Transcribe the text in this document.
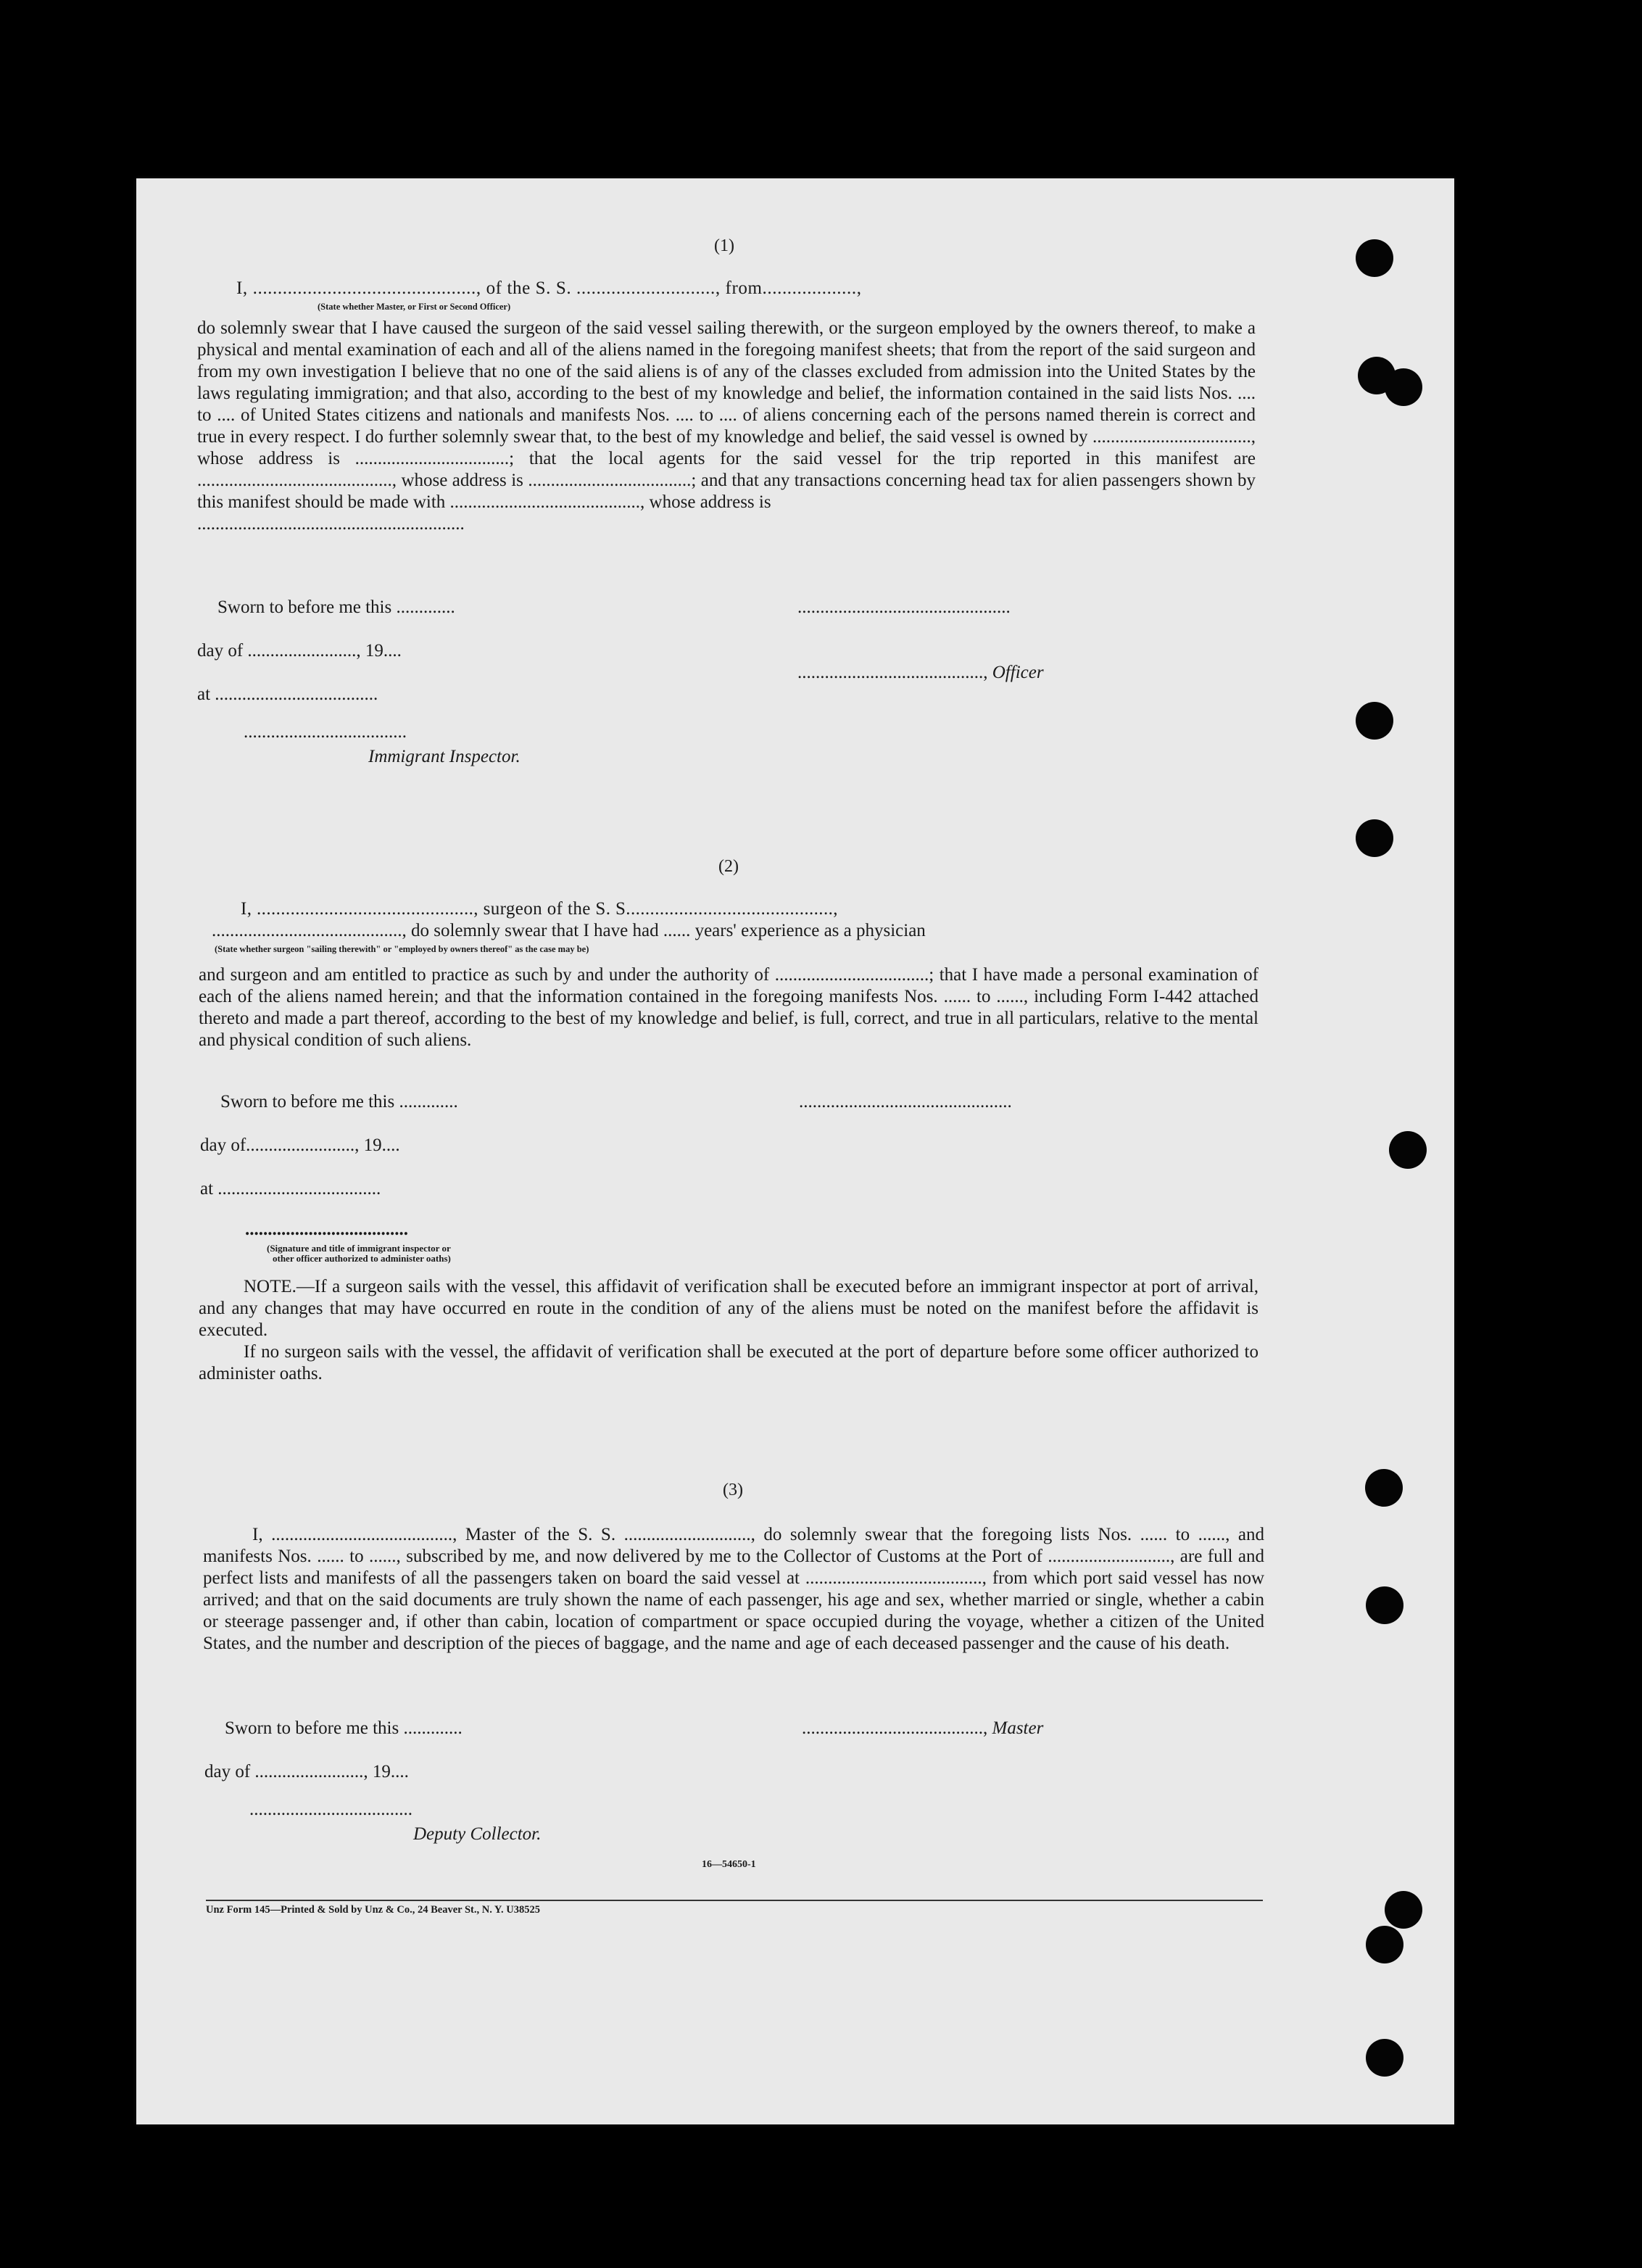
(1)
I, ............................................., of the S. S. ............................, from...................,
(State whether Master, or First or Second Officer)

do solemnly swear that I have caused the surgeon of the said vessel sailing therewith, or the surgeon employed by the owners thereof, to make a physical and mental examination of each and all of the aliens named in the foregoing manifest sheets; that from the report of the said surgeon and from my own investigation I believe that no one of the said aliens is of any of the classes excluded from admission into the United States by the laws regulating immigration; and that also, according to the best of my knowledge and belief, the information contained in the said lists Nos. .... to .... of United States citizens and nationals and manifests Nos. .... to .... of aliens concerning each of the persons named therein is correct and true in every respect. I do further solemnly swear that, to the best of my knowledge and belief, the said vessel is owned by ..................................., whose address is ..................................; that the local agents for the said vessel for the trip reported in this manifest are ..........................................., whose address is ....................................; and that any transactions concerning head tax for alien passengers shown by this manifest should be made with .........................................., whose address is

...........................................................

Sworn to before me this .............
day of ........................, 19....
at ....................................
....................................
Immigrant Inspector.
...............................................
........................................., Officer
(2)
I, ............................................., surgeon of the S. S...........................................,
.........................................., do solemnly swear that I have had ...... years' experience as a physician
(State whether surgeon "sailing therewith" or "employed by owners thereof" as the case may be)
and surgeon and am entitled to practice as such by and under the authority of ..................................; that I have made a personal examination of each of the aliens named herein; and that the information contained in the foregoing manifests Nos. ...... to ......, including Form I-442 attached thereto and made a part thereof, according to the best of my knowledge and belief, is full, correct, and true in all particulars, relative to the mental and physical condition of such aliens.
Sworn to before me this .............
day of........................, 19....
at ....................................
....................................
(Signature and title of immigrant inspector or
other officer authorized to administer oaths)
...............................................

NOTE.—If a surgeon sails with the vessel, this affidavit of verification shall be executed before an immigrant inspector at port of arrival, and any changes that may have occurred en route in the condition of any of the aliens must be noted on the manifest before the affidavit is executed.

If no surgeon sails with the vessel, the affidavit of verification shall be executed at the port of departure before some officer authorized to administer oaths.

(3)
I, ........................................, Master of the S. S. ............................, do solemnly swear that the foregoing lists Nos. ...... to ......, and manifests Nos. ...... to ......, subscribed by me, and now delivered by me to the Collector of Customs at the Port of ..........................., are full and perfect lists and manifests of all the passengers taken on board the said vessel at ......................................., from which port said vessel has now arrived; and that on the said documents are truly shown the name of each passenger, his age and sex, whether married or single, whether a cabin or steerage passenger and, if other than cabin, location of compartment or space occupied during the voyage, whether a citizen of the United States, and the number and description of the pieces of baggage, and the name and age of each deceased passenger and the cause of his death.
Sworn to before me this .............
day of ........................, 19....
....................................
Deputy Collector.
........................................, Master
16—54650-1
Unz Form 145—Printed & Sold by Unz & Co., 24 Beaver St., N. Y. U38525
